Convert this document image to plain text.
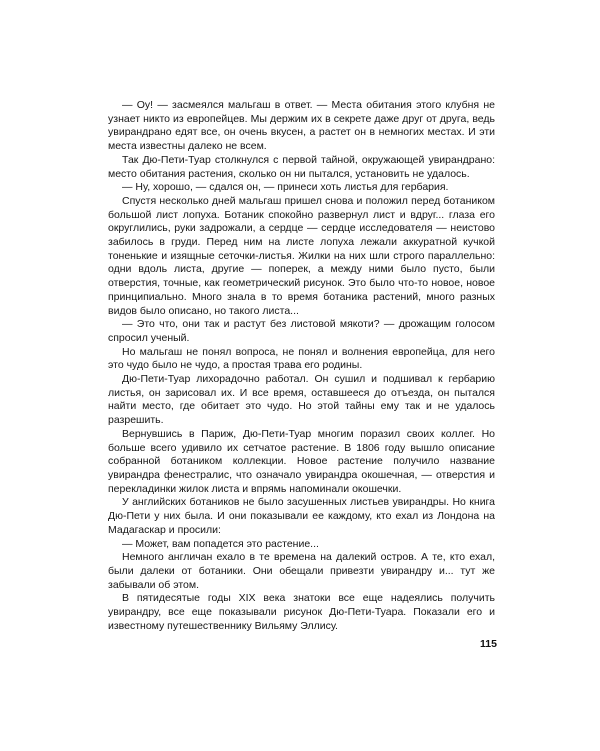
— Оу! — засмеялся мальгаш в ответ. — Места обитания этого клубня не узнает никто из европейцев. Мы держим их в секрете даже друг от друга, ведь увирандрано едят все, он очень вкусен, а растет он в немногих местах. И эти места известны далеко не всем.

Так Дю-Пети-Туар столкнулся с первой тайной, окружающей увирандрано: место обитания растения, сколько он ни пытался, установить не удалось.

— Ну, хорошо, — сдался он, — принеси хоть листья для гербария.

Спустя несколько дней мальгаш пришел снова и положил перед ботаником большой лист лопуха. Ботаник спокойно развернул лист и вдруг... глаза его округлились, руки задрожали, а сердце — сердце исследователя — неистово забилось в груди. Перед ним на листе лопуха лежали аккуратной кучкой тоненькие и изящные сеточки-листья. Жилки на них шли строго параллельно: одни вдоль листа, другие — поперек, а между ними было пусто, были отверстия, точные, как геометрический рисунок. Это было что-то новое, новое принципиально. Много знала в то время ботаника растений, много разных видов было описано, но такого листа...

— Это что, они так и растут без листовой мякоти? — дрожащим голосом спросил ученый.

Но мальгаш не понял вопроса, не понял и волнения европейца, для него это чудо было не чудо, а простая трава его родины.

Дю-Пети-Туар лихорадочно работал. Он сушил и подшивал к гербарию листья, он зарисовал их. И все время, оставшееся до отъезда, он пытался найти место, где обитает это чудо. Но этой тайны ему так и не удалось разрешить.

Вернувшись в Париж, Дю-Пети-Туар многим поразил своих коллег. Но больше всего удивило их сетчатое растение. В 1806 году вышло описание собранной ботаником коллекции. Новое растение получило название увирандра фенестралис, что означало увирандра окошечная, — отверстия и перекладинки жилок листа и впрямь напоминали окошечки.

У английских ботаников не было засушенных листьев увирандры. Но книга Дю-Пети у них была. И они показывали ее каждому, кто ехал из Лондона на Мадагаскар и просили:

— Может, вам попадется это растение...

Немного англичан ехало в те времена на далекий остров. А те, кто ехал, были далеки от ботаники. Они обещали привезти увирандру и... тут же забывали об этом.

В пятидесятые годы XIX века знатоки все еще надеялись получить увирандру, все еще показывали рисунок Дю-Пети-Туара. Показали его и известному путешественнику Вильяму Эллису.

115
